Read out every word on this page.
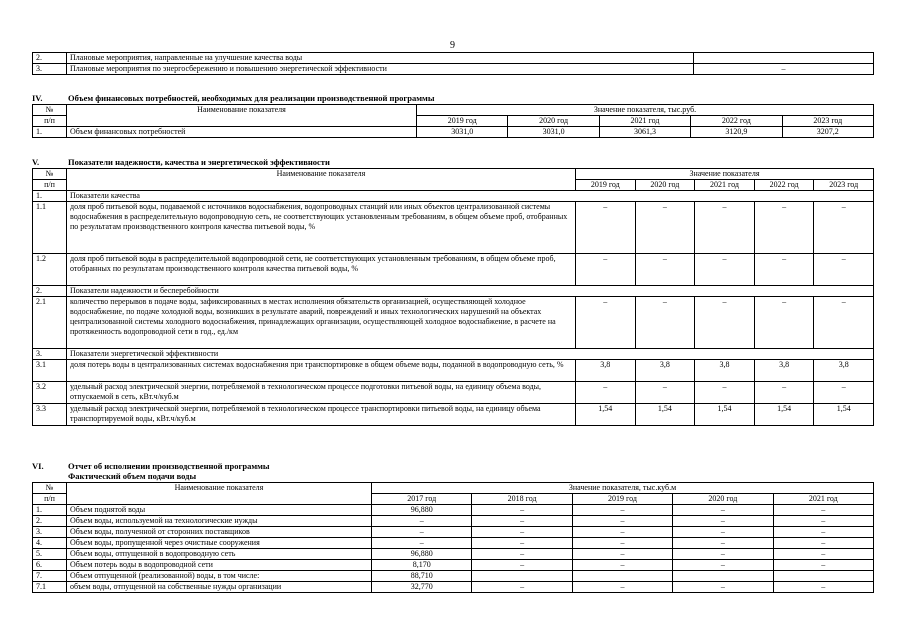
9
2.	Плановые мероприятия, направленные на улучшение качества воды	
3.	Плановые мероприятия по энергосбережению и повышению энергетической эффективности	–
IV.	Объем финансовых потребностей, необходимых для реализации производственной программы
№	Наименование показателя	Значение показателя, тыс.руб.				
п/п		2019 год	2020 год	2021 год	2022 год	2023 год
1.	Объем финансовых потребностей	3031,0	3031,0	3061,3	3120,9	3207,2
V.	Показатели надежности, качества и энергетической эффективности
№	Наименование показателя	Значение показателя				
п/п		2019 год	2020 год	2021 год	2022 год	2023 год
1.	Показатели качества					
1.1	доля проб питьевой воды, подаваемой с источников водоснабжения, водопроводных станций или иных объектов централизованной системы водоснабжения в распределительную водопроводную сеть, не соответствующих установленным требованиям, в общем объеме проб, отобранных по результатам производственного контроля качества питьевой воды, %	–	–	–	–	–
1.2	доля проб питьевой воды в распределительной водопроводной сети, не соответствующих установленным требованиям, в общем объеме проб, отобранных по результатам производственного контроля качества питьевой воды, %	–	–	–	–	–
2.	Показатели надежности и бесперебойности					
2.1	количество перерывов в подаче воды, зафиксированных в местах исполнения обязательств организацией, осуществляющей холодное водоснабжение, по подаче холодной воды, возникших в результате аварий, повреждений и иных технологических нарушений на объектах централизованной системы холодного водоснабжения, принадлежащих организации, осуществляющей холодное водоснабжение, в расчете на протяженность водопроводной сети в год., ед./км	–	–	–	–	–
3.	Показатели энергетической эффективности					
3.1	доля потерь воды в централизованных системах водоснабжения при транспортировке в общем объеме воды, поданной в водопроводную сеть, %	3,8	3,8	3,8	3,8	3,8
3.2	удельный расход электрической энергии, потребляемой в технологическом процессе подготовки питьевой воды, на единицу объема воды, отпускаемой в сеть, кВт.ч/куб.м	–	–	–	–	–
3.3	удельный расход электрической энергии, потребляемой в технологическом процессе транспортировки питьевой воды, на единицу объема транспортируемой воды, кВт.ч/куб.м	1,54	1,54	1,54	1,54	1,54
VI.	Отчет об исполнении производственной программы
Фактический объем подачи воды
№	Наименование показателя	Значение показателя, тыс.куб.м				
п/п		2017 год	2018 год	2019 год	2020 год	2021 год
1.	Объем поднятой воды	96,880	–	–	–	–
2.	Объем воды, используемой на технологические нужды	–	–	–	–	–
3.	Объем воды, полученной от сторонних поставщиков	–	–	–	–	–
4.	Объем воды, пропущенной через очистные сооружения	–	–	–	–	–
5.	Объем воды, отпущенной в водопроводную сеть	96,880	–	–	–	–
6.	Объем потерь воды в водопроводной сети	8,170	–	–	–	–
7.	Объем отпущенной (реализованной) воды, в том числе:	88,710				
7.1	объем воды, отпущенной на собственные нужды организации	32,770	–	–	–	–
